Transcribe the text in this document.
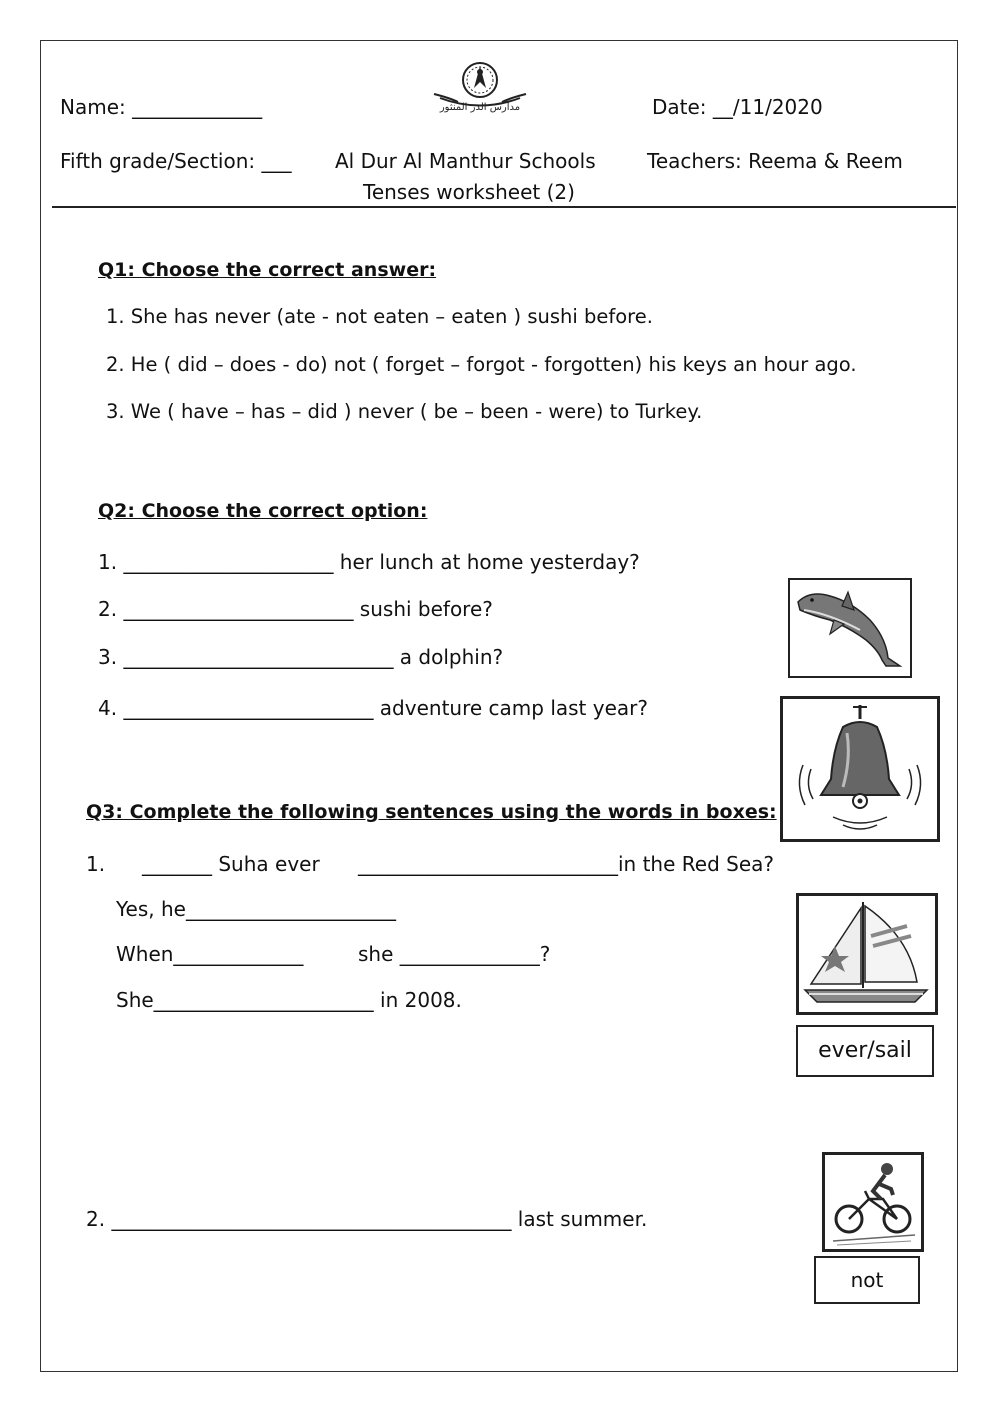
Name: _____________	مدارس الدر المنثور	Date: __/11/2020
Fifth grade/Section: ___ Al Dur Al Manthur Schools	Teachers: Reema & Reem
Tenses worksheet (2)
Q1: Choose the correct answer:
1. She has never (ate - not eaten – eaten ) sushi before.
2. He ( did – does - do) not ( forget – forgot - forgotten) his keys an hour ago.
3. We ( have – has – did ) never ( be – been - were) to Turkey.
Q2: Choose the correct option:
1. _____________________ her lunch at home yesterday?
2. _______________________ sushi before?
3. ___________________________ a dolphin?
4. _________________________ adventure camp last year?
Q3: Complete the following sentences using the words in boxes:
1. _______ Suha ever __________________________in the Red Sea?
Yes, he_____________________
When_____________	she ______________?
She______________________ in 2008.
ever/sail
2. ________________________________________ last summer.
not
